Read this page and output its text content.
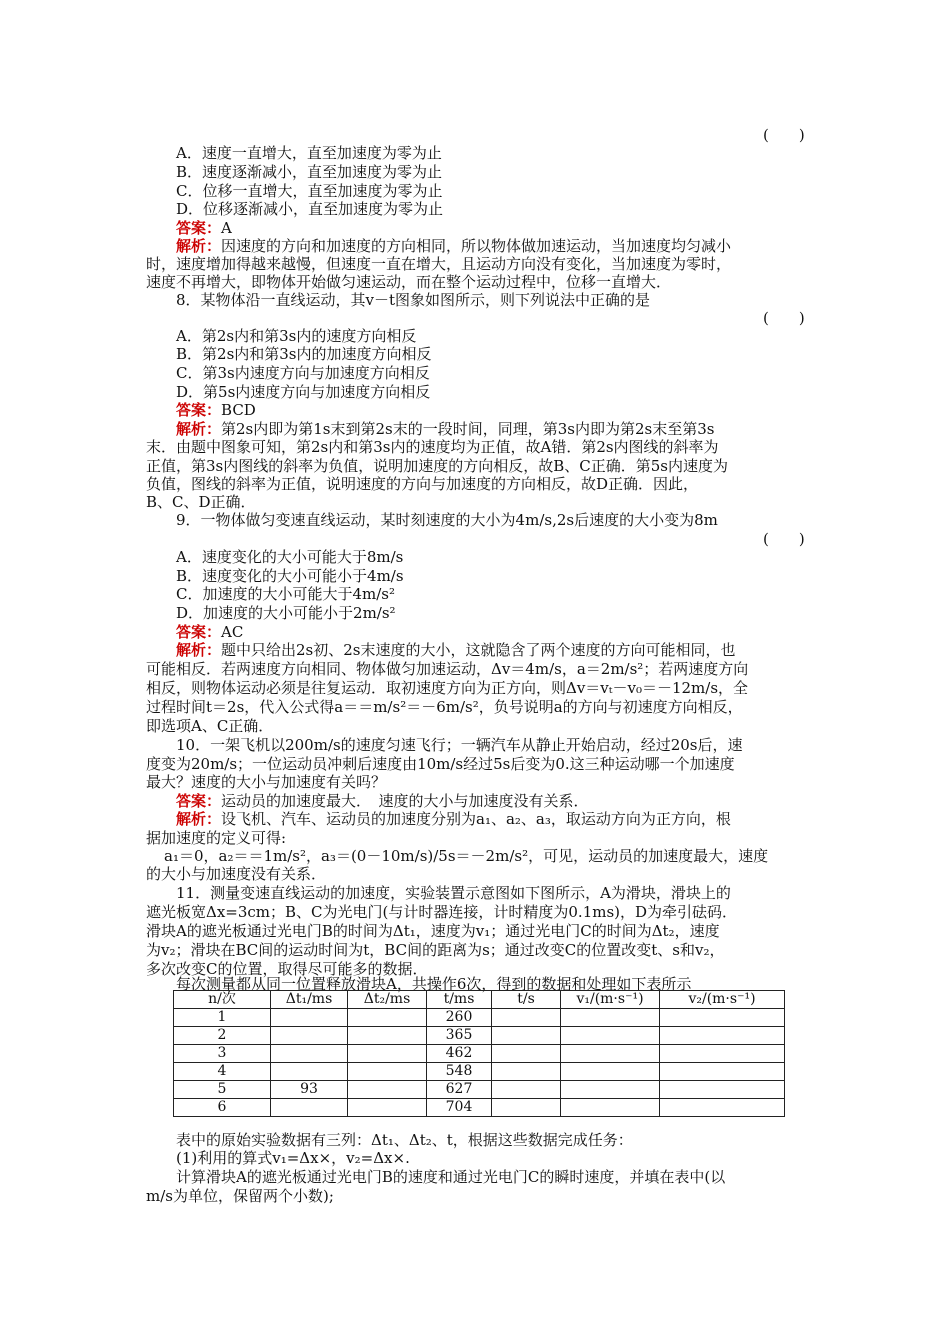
(　　)
A．速度一直增大，直至加速度为零为止
B．速度逐渐减小，直至加速度为零为止
C．位移一直增大，直至加速度为零为止
D．位移逐渐减小，直至加速度为零为止
答案：A
解析：因速度的方向和加速度的方向相同，所以物体做加速运动，当加速度均匀减小
时，速度增加得越来越慢，但速度一直在增大，且运动方向没有变化，当加速度为零时，
速度不再增大，即物体开始做匀速运动，而在整个运动过程中，位移一直增大．
8．某物体沿一直线运动，其v－t图象如图所示，则下列说法中正确的是
(　　)
A．第2s内和第3s内的速度方向相反
B．第2s内和第3s内的加速度方向相反
C．第3s内速度方向与加速度方向相反
D．第5s内速度方向与加速度方向相反
答案：BCD
解析：第2s内即为第1s末到第2s末的一段时间，同理，第3s内即为第2s末至第3s
末．由题中图象可知，第2s内和第3s内的速度均为正值，故A错．第2s内图线的斜率为
正值，第3s内图线的斜率为负值，说明加速度的方向相反，故B、C正确．第5s内速度为
负值，图线的斜率为正值，说明速度的方向与加速度的方向相反，故D正确．因此，
B、C、D正确．
9．一物体做匀变速直线运动，某时刻速度的大小为4m/s,2s后速度的大小变为8m
(　　)
A．速度变化的大小可能大于8m/s
B．速度变化的大小可能小于4m/s
C．加速度的大小可能大于4m/s²
D．加速度的大小可能小于2m/s²
答案：AC
解析：题中只给出2s初、2s末速度的大小，这就隐含了两个速度的方向可能相同，也
可能相反．若两速度方向相同、物体做匀加速运动，Δv＝4m/s，a＝2m/s²；若两速度方向
相反，则物体运动必须是往复运动．取初速度方向为正方向，则Δv＝vₜ－v₀＝－12m/s，全
过程时间t＝2s，代入公式得a＝＝m/s²＝－6m/s²，负号说明a的方向与初速度方向相反，
即选项A、C正确．
10．一架飞机以200m/s的速度匀速飞行；一辆汽车从静止开始启动，经过20s后，速
度变为20m/s；一位运动员冲刺后速度由10m/s经过5s后变为0.这三种运动哪一个加速度
最大？速度的大小与加速度有关吗？
答案：运动员的加速度最大．　速度的大小与加速度没有关系．
解析：设飞机、汽车、运动员的加速度分别为a₁、a₂、a₃，取运动方向为正方向，根
据加速度的定义可得:
a₁＝0，a₂＝＝1m/s²，a₃＝(0－10m/s)/5s＝－2m/s²，可见，运动员的加速度最大，速度
的大小与加速度没有关系．
11．测量变速直线运动的加速度，实验装置示意图如下图所示，A为滑块，滑块上的
遮光板宽Δx=3cm；B、C为光电门(与计时器连接，计时精度为0.1ms)，D为牵引砝码．
滑块A的遮光板通过光电门B的时间为Δt₁，速度为v₁；通过光电门C的时间为Δt₂，速度
为v₂；滑块在BC间的运动时间为t，BC间的距离为s；通过改变C的位置改变t、s和v₂，
多次改变C的位置，取得尽可能多的数据．
每次测量都从同一位置释放滑块A，共操作6次，得到的数据和处理如下表所示
n/次	Δt₁/ms	Δt₂/ms	t/ms	t/s	v₁/(m·s⁻¹)	v₂/(m·s⁻¹)
1			260			
2			365			
3			462			
4			548			
5	93		627			
6			704			
表中的原始实验数据有三列：Δt₁、Δt₂、t，根据这些数据完成任务：
(1)利用的算式v₁=Δx×，v₂=Δx×.
计算滑块A的遮光板通过光电门B的速度和通过光电门C的瞬时速度，并填在表中(以
m/s为单位，保留两个小数);
